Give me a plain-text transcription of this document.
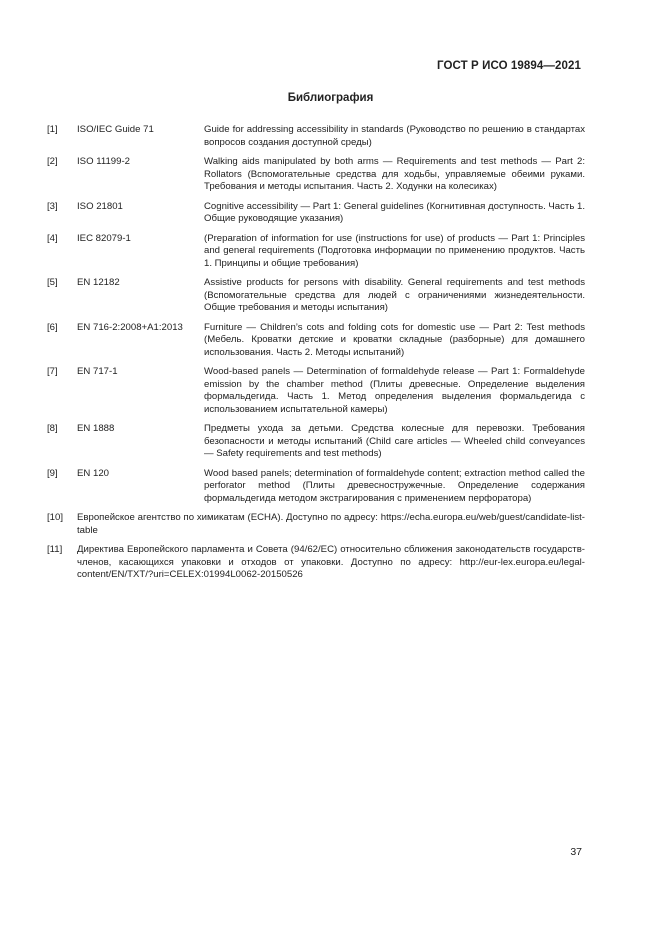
ГОСТ Р ИСО 19894—2021
Библиография
[1] ISO/IEC Guide 71	Guide for addressing accessibility in standards (Руководство по решению в стандартах вопросов создания доступной среды)
[2] ISO 11199-2	Walking aids manipulated by both arms — Requirements and test methods — Part 2: Rollators (Вспомогательные средства для ходьбы, управляемые обеими руками. Требования и методы испытания. Часть 2. Ходунки на колесиках)
[3] ISO 21801	Cognitive accessibility — Part 1: General guidelines (Когнитивная доступность. Часть 1. Общие руководящие указания)
[4] IEC 82079-1	(Preparation of information for use (instructions for use) of products — Part 1: Principles and general requirements (Подготовка информации по применению продуктов. Часть 1. Принципы и общие требования)
[5] EN 12182	Assistive products for persons with disability. General requirements and test methods (Вспомогательные средства для людей с ограничениями жизнедеятельности. Общие требования и методы испытания)
[6] EN 716-2:2008+A1:2013 Furniture — Children’s cots and folding cots for domestic use — Part 2: Test methods (Мебель. Кроватки детские и кроватки складные (разборные) для домашнего использования. Часть 2. Методы испытаний)
[7] EN 717-1	Wood-based panels — Determination of formaldehyde release — Part 1: Formaldehyde emission by the chamber method (Плиты древесные. Определение выделения формальдегида. Часть 1. Метод определения выделения формальдегида с использованием испытательной камеры)
[8] EN 1888	Предметы ухода за детьми. Средства колесные для перевозки. Требования безопасности и методы испытаний (Child care articles — Wheeled child conveyances — Safety requirements and test methods)
[9] EN 120	Wood based panels; determination of formaldehyde content; extraction method called the perforator method (Плиты древесностружечные. Определение содержания формальдегида методом экстрагирования с применением перфоратора)
[10] Европейское агентство по химикатам (ECHA). Доступно по адресу: https://echa.europa.eu/web/guest/candidate-list-table
[11] Директива Европейского парламента и Совета (94/62/ЕС) относительно сближения законодательств государств-членов, касающихся упаковки и отходов от упаковки. Доступно по адресу: http://eur-lex.europa.eu/legal-content/EN/TXT/?uri=CELEX:01994L0062-20150526
37
